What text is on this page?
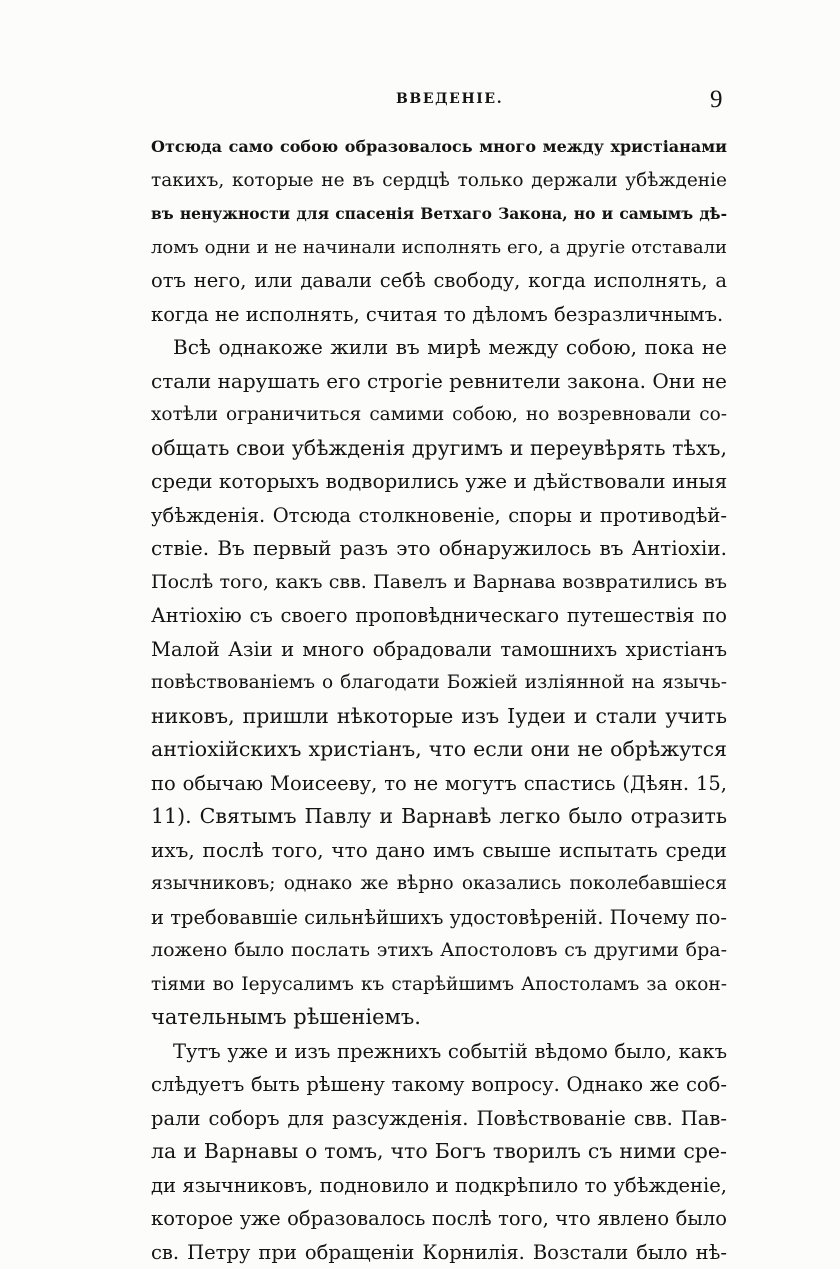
ВВЕДЕНІЕ.	9
Отсюда само собою образовалось много между христіанами
такихъ, которые не въ сердцѣ только держали убѣжденіе
въ ненужности для спасенія Ветхаго Закона, но и самымъ дѣ-
ломъ одни и не начинали исполнять его, а другіе отставали
отъ него, или давали себѣ свободу, когда исполнять, а
когда не исполнять, считая то дѣломъ безразличнымъ.
Всѣ однакоже жили въ мирѣ между собою, пока не
стали нарушать его строгіе ревнители закона. Они не
хотѣли ограничиться самими собою, но возревновали со-
общать свои убѣжденія другимъ и переувѣрять тѣхъ,
среди которыхъ водворились уже и дѣйствовали иныя
убѣжденія. Отсюда столкновеніе, споры и противодѣй-
ствіе. Въ первый разъ это обнаружилось въ Антіохіи.
Послѣ того, какъ свв. Павелъ и Варнава возвратились въ
Антіохію съ своего проповѣдническаго путешествія по
Малой Азіи и много обрадовали тамошнихъ христіанъ
повѣствованіемъ о благодати Божіей излiянной на язычь-
никовъ, пришли нѣкоторые изъ Іудеи и стали учить
антіохійскихъ христіанъ, что если они не обрѣжутся
по обычаю Моисееву, то не могутъ спастись (Дѣян. 15,
11). Святымъ Павлу и Варнавѣ легко было отразить
ихъ, послѣ того, что дано имъ свыше испытать среди
язычниковъ; однако же вѣрно оказались поколебавшіеся
и требовавшіе сильнѣйшихъ удостовѣреній. Почему по-
ложено было послать этихъ Апостоловъ съ другими бра-
тіями во Іерусалимъ къ старѣйшимъ Апостоламъ за окон-
чательнымъ рѣшеніемъ.
Тутъ уже и изъ прежнихъ событій вѣдомо было, какъ
слѣдуетъ быть рѣшену такому вопросу. Однако же соб-
рали соборъ для разсужденія. Повѣствованіе свв. Пав-
ла и Варнавы о томъ, что Богъ творилъ съ ними сре-
ди язычниковъ, подновило и подкрѣпило то убѣжденіе,
которое уже образовалось послѣ того, что явлено было
св. Петру при обращеніи Корнилія. Возстали было нѣ-
